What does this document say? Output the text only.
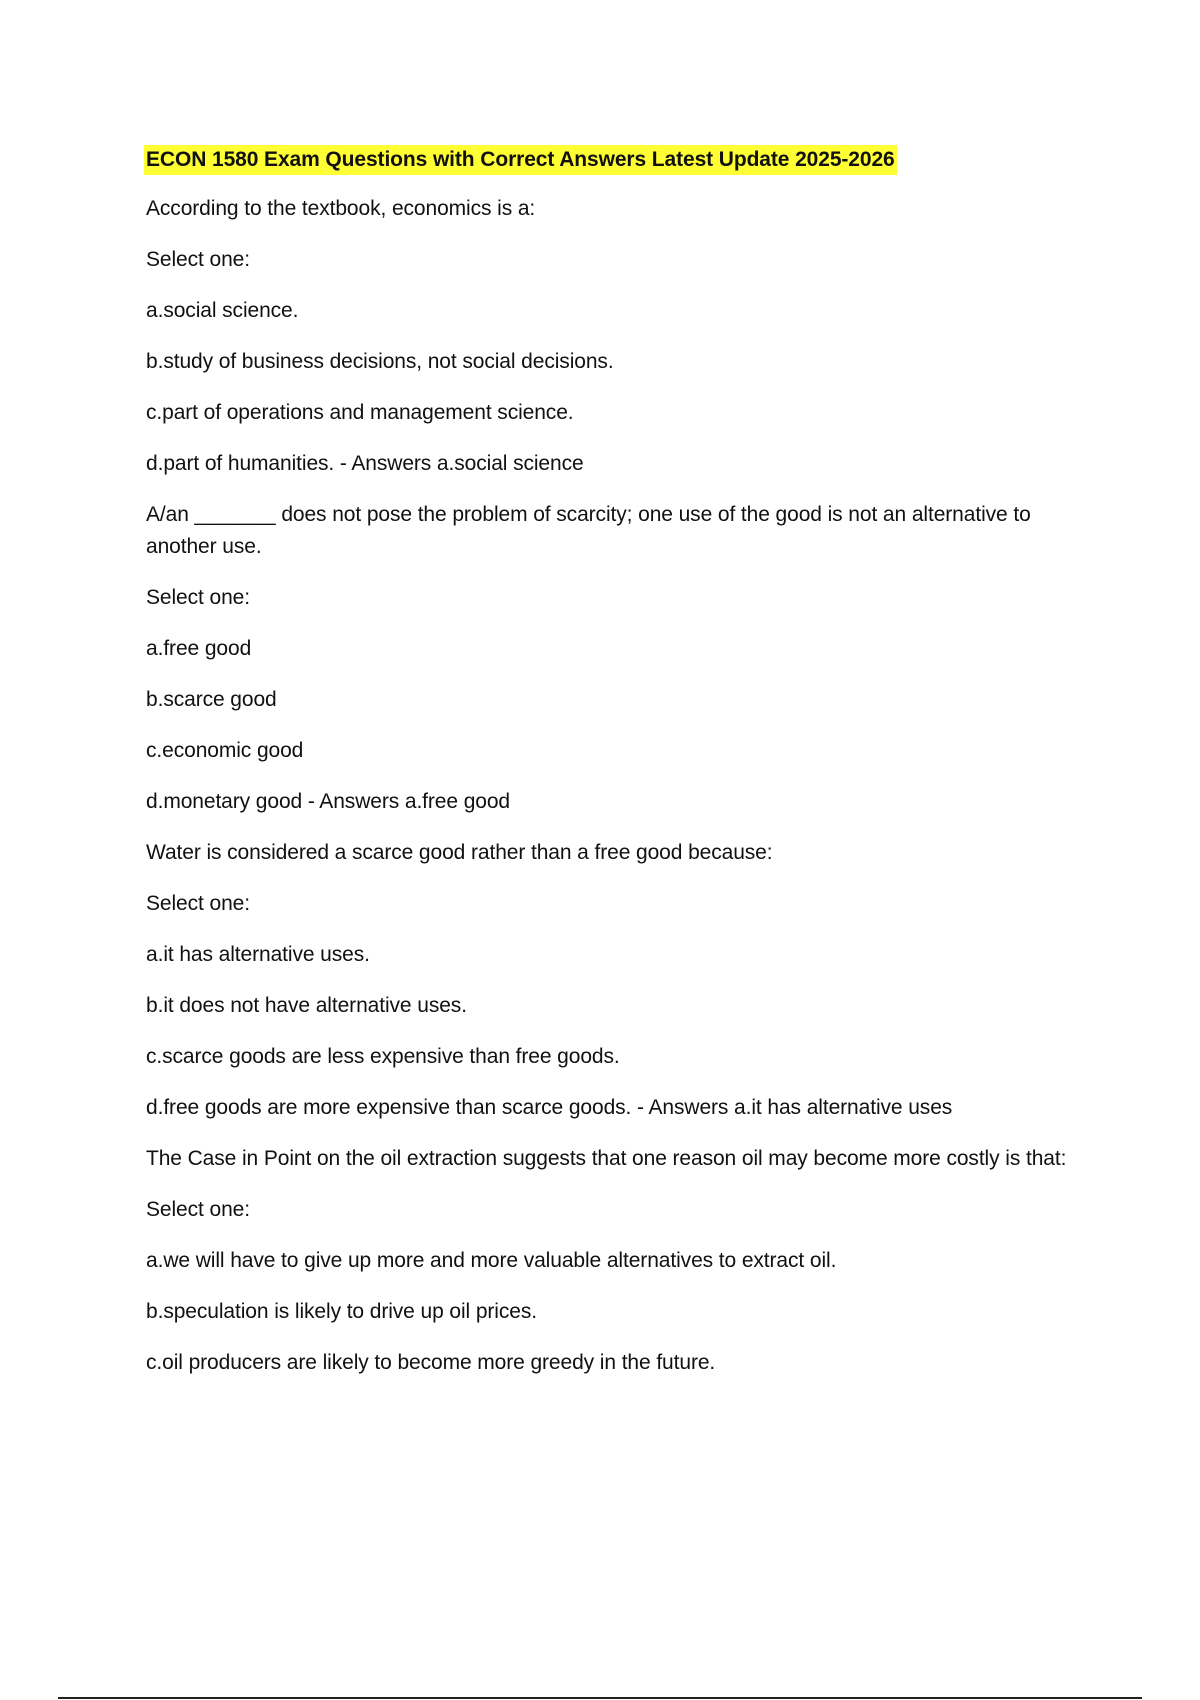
ECON 1580 Exam Questions with Correct Answers Latest Update 2025-2026

According to the textbook, economics is a:

Select one:

a.social science.

b.study of business decisions, not social decisions.

c.part of operations and management science.

d.part of humanities. - Answers a.social science

A/an _______ does not pose the problem of scarcity; one use of the good is not an alternative to another use.

Select one:

a.free good

b.scarce good

c.economic good

d.monetary good - Answers a.free good

Water is considered a scarce good rather than a free good because:

Select one:

a.it has alternative uses.

b.it does not have alternative uses.

c.scarce goods are less expensive than free goods.

d.free goods are more expensive than scarce goods. - Answers a.it has alternative uses

The Case in Point on the oil extraction suggests that one reason oil may become more costly is that:

Select one:

a.we will have to give up more and more valuable alternatives to extract oil.

b.speculation is likely to drive up oil prices.

c.oil producers are likely to become more greedy in the future.
